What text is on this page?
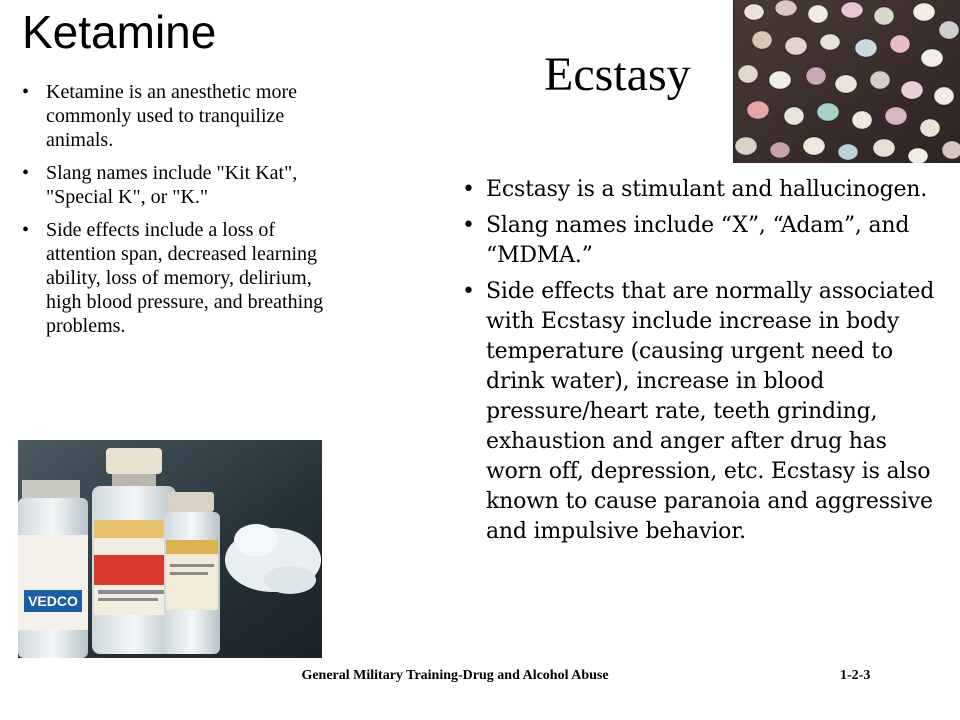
Ketamine
Ecstasy
• Ketamine is an anesthetic more commonly used to tranquilize animals.
• Slang names include "Kit Kat", "Special K", or "K."
• Side effects include a loss of attention span, decreased learning ability, loss of memory, delirium, high blood pressure, and breathing problems.
• Ecstasy is a stimulant and hallucinogen.
• Slang names include “X”, “Adam”, and “MDMA.”
• Side effects that are normally associated with Ecstasy include increase in body temperature (causing urgent need to drink water), increase in blood pressure/heart rate, teeth grinding, exhaustion and anger after drug has worn off, depression, etc. Ecstasy is also known to cause paranoia and aggressive and impulsive behavior.
VEDCO
General Military Training-Drug and Alcohol Abuse	1-2-3
